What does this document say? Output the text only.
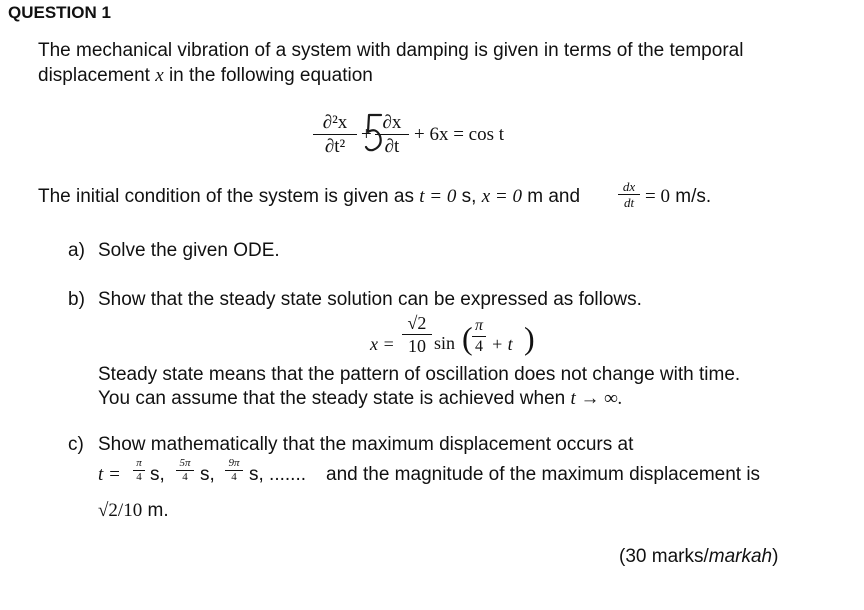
QUESTION 1
The mechanical vibration of a system with damping is given in terms of the temporal
displacement x in the following equation
∂²x
∂t²
+
∂x
∂t
+ 6x = cos t
The initial condition of the system is given as t = 0 s, x = 0 m and	dx
dt = 0 m/s.
a) Solve the given ODE.
b) Show that the steady state solution can be expressed as follows.
x =
√2
10 sin ( π
4 + t )
Steady state means that the pattern of oscillation does not change with time.
You can assume that the steady state is achieved when t → ∞.
c) Show mathematically that the maximum displacement occurs at
t =
π
4 s,
5π
4 s,
9π
4 s, ....... and the magnitude of the maximum displacement is
√2/10 m.
(30 marks/markah)
